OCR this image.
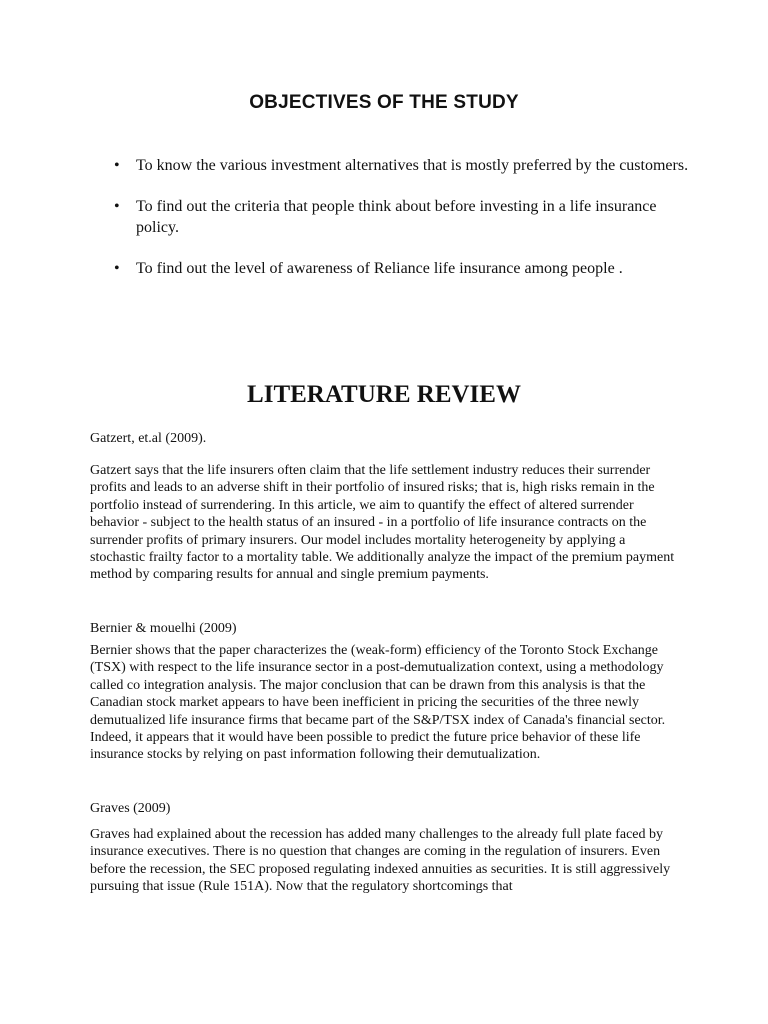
OBJECTIVES OF THE STUDY
• To know the various investment alternatives that is mostly preferred by the customers.
• To find out the criteria that people think about before investing in a life insurance policy.
• To find out the level of awareness of Reliance life insurance among people .
LITERATURE REVIEW

Gatzert, et.al (2009).

Gatzert says that the life insurers often claim that the life settlement industry reduces their surrender profits and leads to an adverse shift in their portfolio of insured risks; that is, high risks remain in the portfolio instead of surrendering. In this article, we aim to quantify the effect of altered surrender behavior - subject to the health status of an insured - in a portfolio of life insurance contracts on the surrender profits of primary insurers. Our model includes mortality heterogeneity by applying a stochastic frailty factor to a mortality table. We additionally analyze the impact of the premium payment method by comparing results for annual and single premium payments.

Bernier & mouelhi (2009)

Bernier shows that the paper characterizes the (weak-form) efficiency of the Toronto Stock Exchange (TSX) with respect to the life insurance sector in a post-demutualization context, using a methodology called co integration analysis. The major conclusion that can be drawn from this analysis is that the Canadian stock market appears to have been inefficient in pricing the securities of the three newly demutualized life insurance firms that became part of the S&P/TSX index of Canada's financial sector. Indeed, it appears that it would have been possible to predict the future price behavior of these life insurance stocks by relying on past information following their demutualization.

Graves (2009)

Graves had explained about the recession has added many challenges to the already full plate faced by insurance executives. There is no question that changes are coming in the regulation of insurers. Even before the recession, the SEC proposed regulating indexed annuities as securities. It is still aggressively pursuing that issue (Rule 151A). Now that the regulatory shortcomings that
